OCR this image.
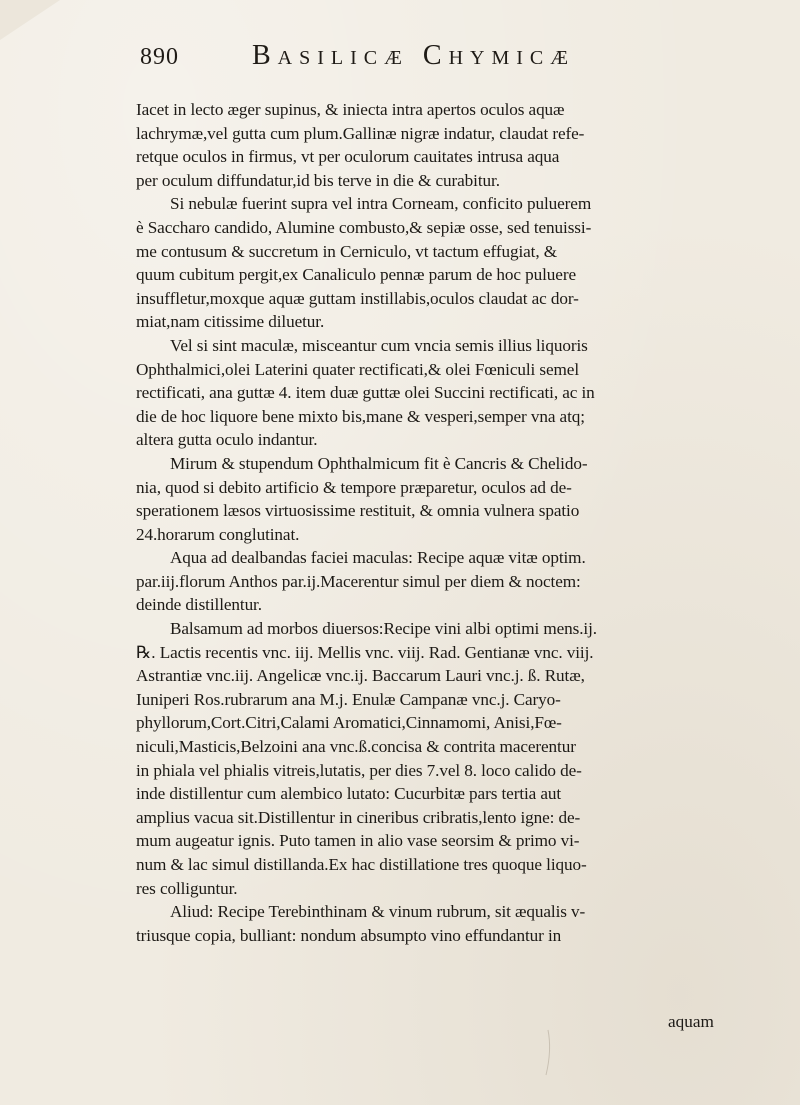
890	Basilicæ Chymicæ
Iacet in lecto æger supinus, & iniecta intra apertos oculos aquæ
lachrymæ,vel gutta cum plum.Gallinæ nigræ indatur, claudat refe-
retque oculos in firmus, vt per oculorum cauitates intrusa aqua
per oculum diffundatur,id bis terve in die & curabitur.
Si nebulæ fuerint supra vel intra Corneam, conficito puluerem
è Saccharo candido, Alumine combusto,& sepiæ osse, sed tenuissi-
me contusum & succretum in Cerniculo, vt tactum effugiat, &
quum cubitum pergit,ex Canaliculo pennæ parum de hoc puluere
insuffletur,moxque aquæ guttam instillabis,oculos claudat ac dor-
miat,nam citissime diluetur.
Vel si sint maculæ, misceantur cum vncia semis illius liquoris
Ophthalmici,olei Laterini quater rectificati,& olei Fœniculi semel
rectificati, ana guttæ 4. item duæ guttæ olei Succini rectificati, ac in
die de hoc liquore bene mixto bis,mane & vesperi,semper vna atq;
altera gutta oculo indantur.
Mirum & stupendum Ophthalmicum fit è Cancris & Chelido-
nia, quod si debito artificio & tempore præparetur, oculos ad de-
sperationem læsos virtuosissime restituit, & omnia vulnera spatio
24.horarum conglutinat.
Aqua ad dealbandas faciei maculas: Recipe aquæ vitæ optim.
par.iij.florum Anthos par.ij.Macerentur simul per diem & noctem:
deinde distillentur.
Balsamum ad morbos diuersos:Recipe vini albi optimi mens.ij.
℞. Lactis recentis vnc. iij. Mellis vnc. viij. Rad. Gentianæ vnc. viij.
Astrantiæ vnc.iij. Angelicæ vnc.ij. Baccarum Lauri vnc.j. ß. Rutæ,
Iuniperi Ros.rubrarum ana M.j. Enulæ Campanæ vnc.j. Caryo-
phyllorum,Cort.Citri,Calami Aromatici,Cinnamomi, Anisi,Fœ-
niculi,Masticis,Belzoini ana vnc.ß.concisa & contrita macerentur
in phiala vel phialis vitreis,lutatis, per dies 7.vel 8. loco calido de-
inde distillentur cum alembico lutato: Cucurbitæ pars tertia aut
amplius vacua sit.Distillentur in cineribus cribratis,lento igne: de-
mum augeatur ignis. Puto tamen in alio vase seorsim & primo vi-
num & lac simul distillanda.Ex hac distillatione tres quoque liquo-
res colliguntur.
Aliud: Recipe Terebinthinam & vinum rubrum, sit æqualis v-
triusque copia, bulliant: nondum absumpto vino effundantur in
aquam
